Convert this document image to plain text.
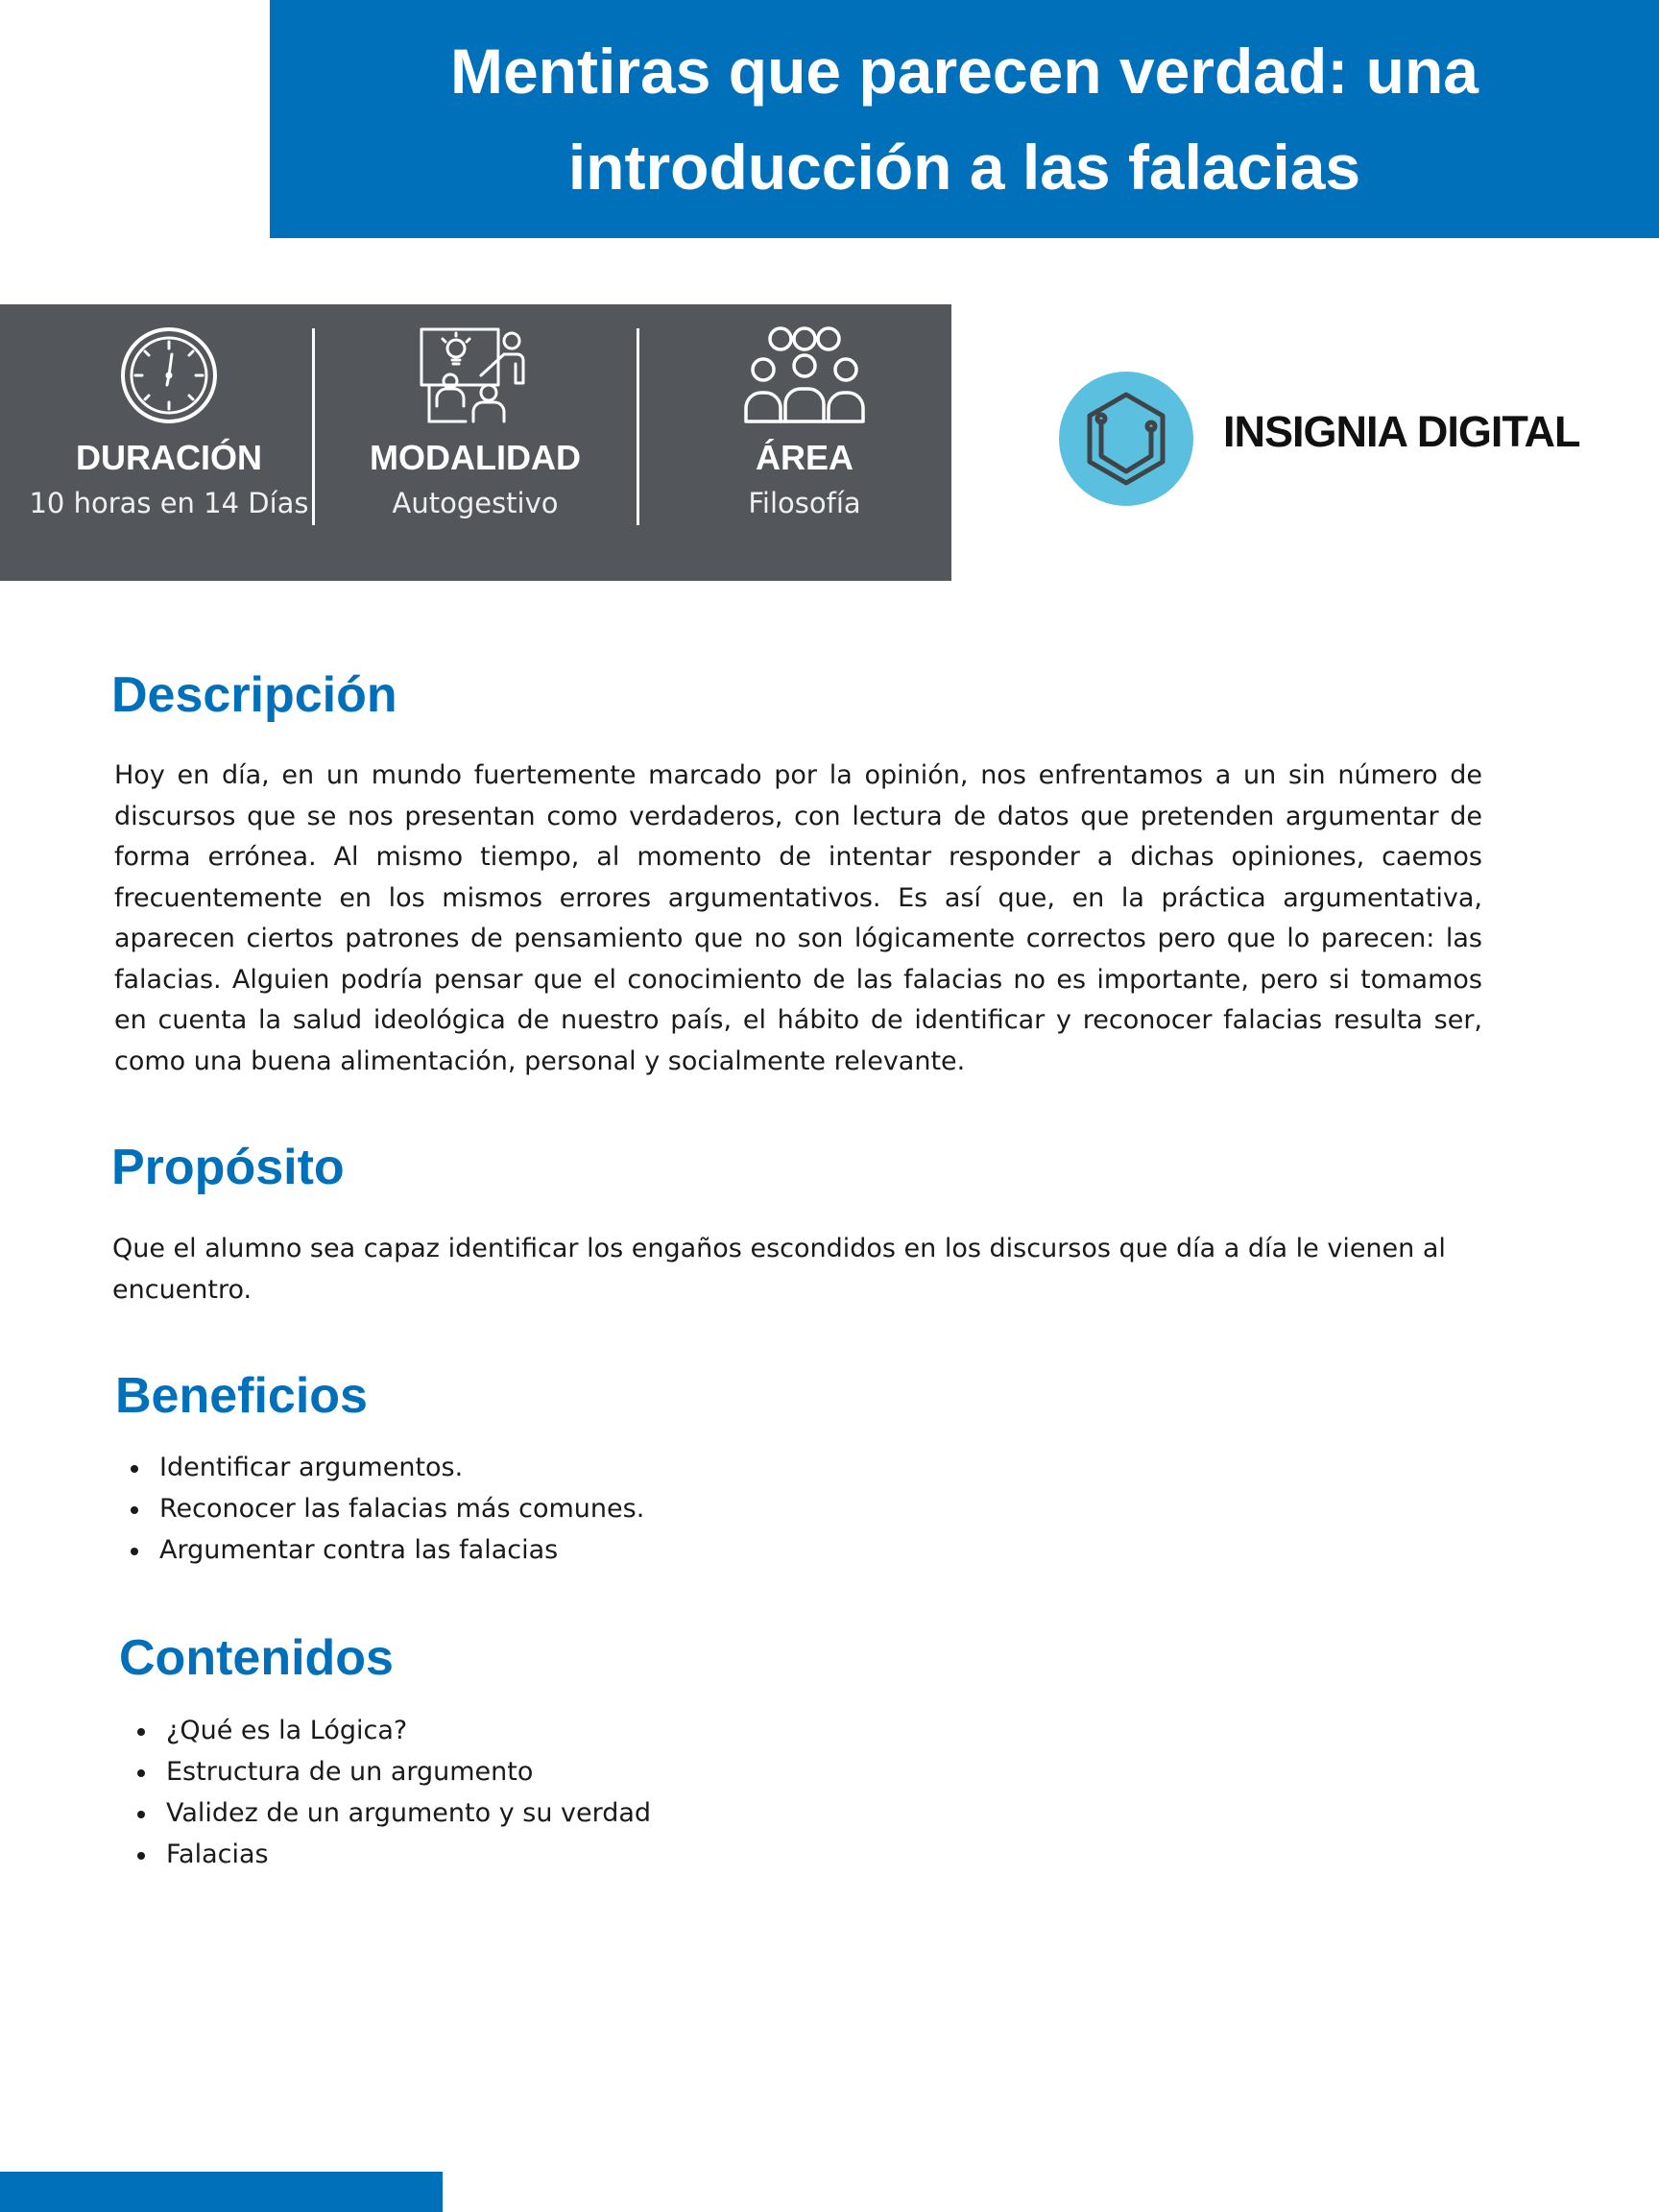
Mentiras que parecen verdad: una introducción a las falacias
DURACIÓN
10 horas en 14 Días
MODALIDAD
Autogestivo
ÁREA
Filosofía
INSIGNIA DIGITAL
Descripción

Hoy en día, en un mundo fuertemente marcado por la opinión, nos enfrentamos a un sin número de discursos que se nos presentan como verdaderos, con lectura de datos que pretenden argumentar de forma errónea. Al mismo tiempo, al momento de intentar responder a dichas opiniones, caemos frecuentemente en los mismos errores argumentativos. Es así que, en la práctica argumentativa, aparecen ciertos patrones de pensamiento que no son lógicamente correctos pero que lo parecen: las falacias. Alguien podría pensar que el conocimiento de las falacias no es importante, pero si tomamos en cuenta la salud ideológica de nuestro país, el hábito de identificar y reconocer falacias resulta ser, como una buena alimentación, personal y socialmente relevante.

Propósito

Que el alumno sea capaz identificar los engaños escondidos en los discursos que día a día le vienen al encuentro.

Beneficios
Identificar argumentos.
Reconocer las falacias más comunes.
Argumentar contra las falacias
Contenidos
¿Qué es la Lógica?
Estructura de un argumento
Validez de un argumento y su verdad
Falacias
